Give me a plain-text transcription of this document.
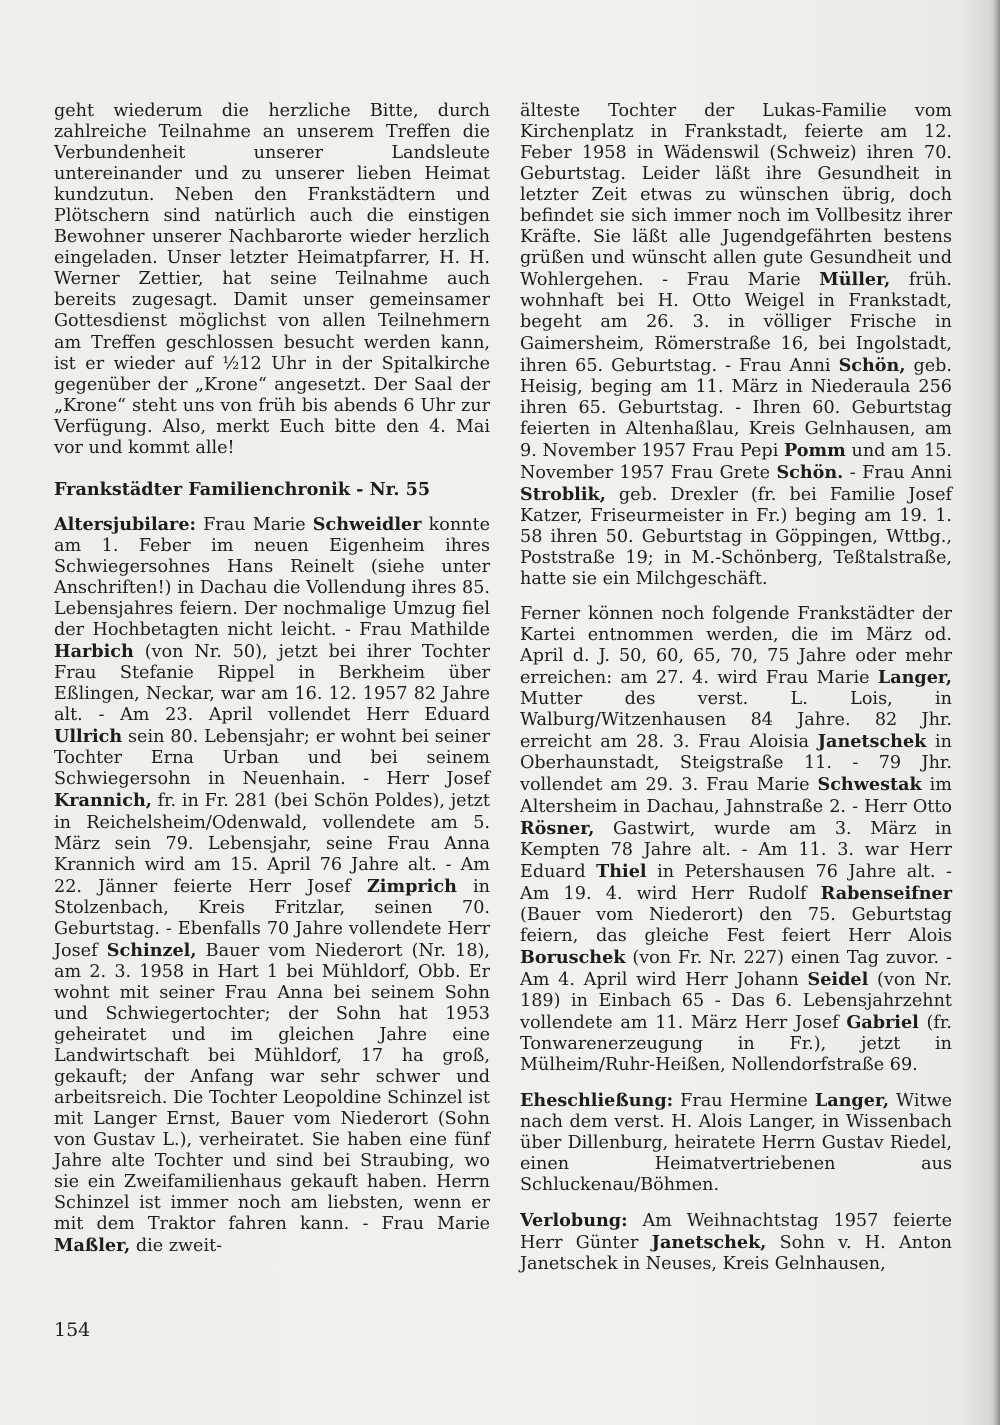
geht wiederum die herzliche Bitte, durch zahlreiche Teilnahme an unserem Treffen die Verbundenheit unserer Landsleute untereinander und zu unserer lieben Heimat kundzutun. Neben den Frankstädtern und Plötschern sind natürlich auch die einstigen Bewohner unserer Nachbarorte wieder herzlich eingeladen. Unser letzter Heimatpfarrer, H. H. Werner Zettier, hat seine Teilnahme auch bereits zugesagt. Damit unser gemeinsamer Gottesdienst möglichst von allen Teilnehmern am Treffen geschlossen besucht werden kann, ist er wieder auf ½12 Uhr in der Spitalkirche gegenüber der „Krone“ angesetzt. Der Saal der „Krone“ steht uns von früh bis abends 6 Uhr zur Verfügung. Also, merkt Euch bitte den 4. Mai vor und kommt alle!

Frankstädter Familienchronik - Nr. 55

Altersjubilare: Frau Marie Schweidler konnte am 1. Feber im neuen Eigenheim ihres Schwiegersohnes Hans Reinelt (siehe unter Anschriften!) in Dachau die Vollendung ihres 85. Lebensjahres feiern. Der nochmalige Umzug fiel der Hochbetagten nicht leicht. - Frau Mathilde Harbich (von Nr. 50), jetzt bei ihrer Tochter Frau Stefanie Rippel in Berkheim über Eßlingen, Neckar, war am 16. 12. 1957 82 Jahre alt. - Am 23. April vollendet Herr Eduard Ullrich sein 80. Lebensjahr; er wohnt bei seiner Tochter Erna Urban und bei seinem Schwiegersohn in Neuenhain. - Herr Josef Krannich, fr. in Fr. 281 (bei Schön Poldes), jetzt in Reichelsheim/Odenwald, vollendete am 5. März sein 79. Lebensjahr, seine Frau Anna Krannich wird am 15. April 76 Jahre alt. - Am 22. Jänner feierte Herr Josef Zimprich in Stolzenbach, Kreis Fritzlar, seinen 70. Geburtstag. - Ebenfalls 70 Jahre vollendete Herr Josef Schinzel, Bauer vom Niederort (Nr. 18), am 2. 3. 1958 in Hart 1 bei Mühldorf, Obb. Er wohnt mit seiner Frau Anna bei seinem Sohn und Schwiegertochter; der Sohn hat 1953 geheiratet und im gleichen Jahre eine Landwirtschaft bei Mühldorf, 17 ha groß, gekauft; der Anfang war sehr schwer und arbeitsreich. Die Tochter Leopoldine Schinzel ist mit Langer Ernst, Bauer vom Niederort (Sohn von Gustav L.), verheiratet. Sie haben eine fünf Jahre alte Tochter und sind bei Straubing, wo sie ein Zweifamilienhaus gekauft haben. Herrn Schinzel ist immer noch am liebsten, wenn er mit dem Traktor fahren kann. - Frau Marie Maßler, die zweit-

älteste Tochter der Lukas-Familie vom Kirchenplatz in Frankstadt, feierte am 12. Feber 1958 in Wädenswil (Schweiz) ihren 70. Geburtstag. Leider läßt ihre Gesundheit in letzter Zeit etwas zu wünschen übrig, doch befindet sie sich immer noch im Vollbesitz ihrer Kräfte. Sie läßt alle Jugendgefährten bestens grüßen und wünscht allen gute Gesundheit und Wohlergehen. - Frau Marie Müller, früh. wohnhaft bei H. Otto Weigel in Frankstadt, begeht am 26. 3. in völliger Frische in Gaimersheim, Römerstraße 16, bei Ingolstadt, ihren 65. Geburtstag. - Frau Anni Schön, geb. Heisig, beging am 11. März in Niederaula 256 ihren 65. Geburtstag. - Ihren 60. Geburtstag feierten in Altenhaßlau, Kreis Gelnhausen, am 9. November 1957 Frau Pepi Pomm und am 15. November 1957 Frau Grete Schön. - Frau Anni Stroblik, geb. Drexler (fr. bei Familie Josef Katzer, Friseurmeister in Fr.) beging am 19. 1. 58 ihren 50. Geburtstag in Göppingen, Wttbg., Poststraße 19; in M.-Schönberg, Teßtalstraße, hatte sie ein Milchgeschäft.

Ferner können noch folgende Frankstädter der Kartei entnommen werden, die im März od. April d. J. 50, 60, 65, 70, 75 Jahre oder mehr erreichen: am 27. 4. wird Frau Marie Langer, Mutter des verst. L. Lois, in Walburg/Witzenhausen 84 Jahre. 82 Jhr. erreicht am 28. 3. Frau Aloisia Janetschek in Oberhaunstadt, Steigstraße 11. - 79 Jhr. vollendet am 29. 3. Frau Marie Schwestak im Altersheim in Dachau, Jahnstraße 2. - Herr Otto Rösner, Gastwirt, wurde am 3. März in Kempten 78 Jahre alt. - Am 11. 3. war Herr Eduard Thiel in Petershausen 76 Jahre alt. - Am 19. 4. wird Herr Rudolf Rabenseifner (Bauer vom Niederort) den 75. Geburtstag feiern, das gleiche Fest feiert Herr Alois Boruschek (von Fr. Nr. 227) einen Tag zuvor. - Am 4. April wird Herr Johann Seidel (von Nr. 189) in Einbach 65 - Das 6. Lebensjahrzehnt vollendete am 11. März Herr Josef Gabriel (fr. Tonwarenerzeugung in Fr.), jetzt in Mülheim/Ruhr-Heißen, Nollendorfstraße 69.

Eheschließung: Frau Hermine Langer, Witwe nach dem verst. H. Alois Langer, in Wissenbach über Dillenburg, heiratete Herrn Gustav Riedel, einen Heimatvertriebenen aus Schluckenau/Böhmen.

Verlobung: Am Weihnachtstag 1957 feierte Herr Günter Janetschek, Sohn v. H. Anton Janetschek in Neuses, Kreis Gelnhausen,

154
